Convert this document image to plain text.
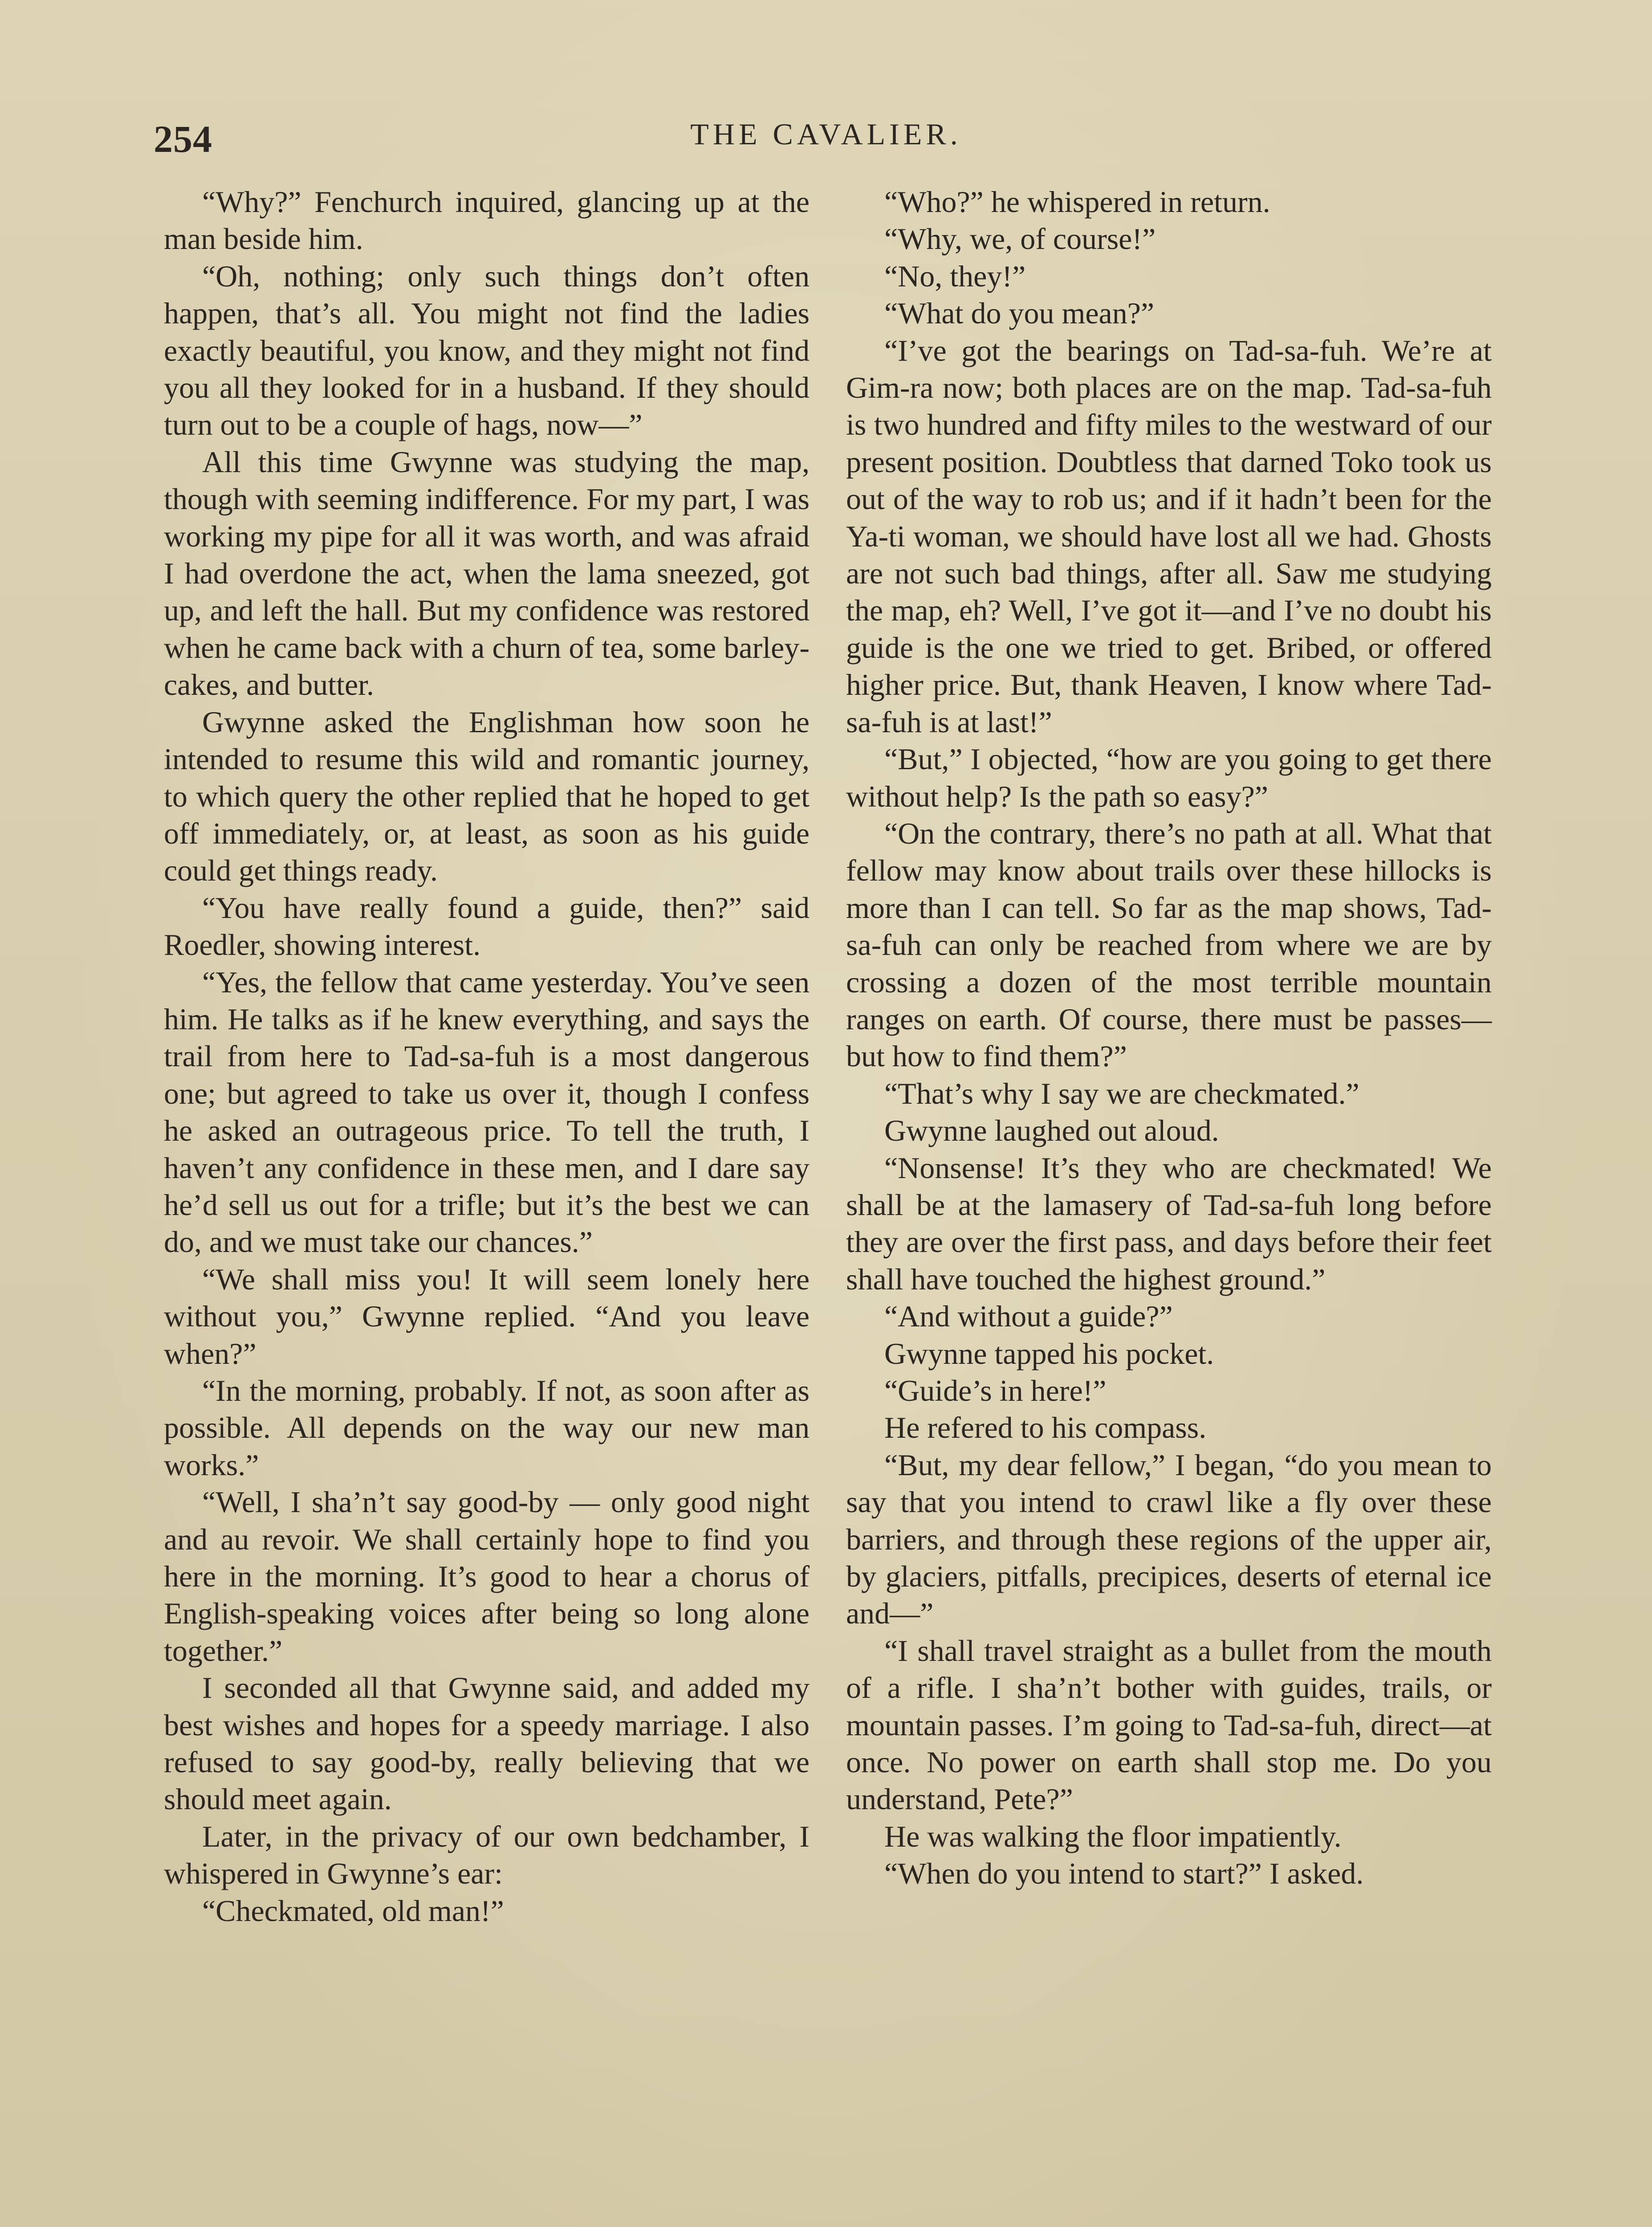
254	THE CAVALIER.

“Why?” Fenchurch inquired, glancing up at the man beside him.

“Oh, nothing; only such things don’t often happen, that’s all. You might not find the ladies exactly beautiful, you know, and they might not find you all they looked for in a husband. If they should turn out to be a couple of hags, now—”

All this time Gwynne was studying the map, though with seeming indifference. For my part, I was working my pipe for all it was worth, and was afraid I had overdone the act, when the lama sneezed, got up, and left the hall. But my confidence was restored when he came back with a churn of tea, some barley-cakes, and butter.

Gwynne asked the Englishman how soon he intended to resume this wild and romantic journey, to which query the other replied that he hoped to get off immediately, or, at least, as soon as his guide could get things ready.

“You have really found a guide, then?” said Roedler, showing interest.

“Yes, the fellow that came yesterday. You’ve seen him. He talks as if he knew everything, and says the trail from here to Tad-sa-fuh is a most dangerous one; but agreed to take us over it, though I confess he asked an outrageous price. To tell the truth, I haven’t any confidence in these men, and I dare say he’d sell us out for a trifle; but it’s the best we can do, and we must take our chances.”

“We shall miss you! It will seem lonely here without you,” Gwynne replied. “And you leave when?”

“In the morning, probably. If not, as soon after as possible. All depends on the way our new man works.”

“Well, I sha’n’t say good-by — only good night and au revoir. We shall certainly hope to find you here in the morning. It’s good to hear a chorus of English-speaking voices after being so long alone together.”

I seconded all that Gwynne said, and added my best wishes and hopes for a speedy marriage. I also refused to say good-by, really believing that we should meet again.

Later, in the privacy of our own bedchamber, I whispered in Gwynne’s ear:

“Checkmated, old man!”

“Who?” he whispered in return.

“Why, we, of course!”

“No, they!”

“What do you mean?”

“I’ve got the bearings on Tad-sa-fuh. We’re at Gim-ra now; both places are on the map. Tad-sa-fuh is two hundred and fifty miles to the westward of our present position. Doubtless that darned Toko took us out of the way to rob us; and if it hadn’t been for the Ya-ti woman, we should have lost all we had. Ghosts are not such bad things, after all. Saw me studying the map, eh? Well, I’ve got it—and I’ve no doubt his guide is the one we tried to get. Bribed, or offered higher price. But, thank Heaven, I know where Tad-sa-fuh is at last!”

“But,” I objected, “how are you going to get there without help? Is the path so easy?”

“On the contrary, there’s no path at all. What that fellow may know about trails over these hillocks is more than I can tell. So far as the map shows, Tad-sa-fuh can only be reached from where we are by crossing a dozen of the most terrible mountain ranges on earth. Of course, there must be passes—but how to find them?”

“That’s why I say we are checkmated.”

Gwynne laughed out aloud.

“Nonsense! It’s they who are checkmated! We shall be at the lamasery of Tad-sa-fuh long before they are over the first pass, and days before their feet shall have touched the highest ground.”

“And without a guide?”

Gwynne tapped his pocket.

“Guide’s in here!”

He refered to his compass.

“But, my dear fellow,” I began, “do you mean to say that you intend to crawl like a fly over these barriers, and through these regions of the upper air, by glaciers, pitfalls, precipices, deserts of eternal ice and—”

“I shall travel straight as a bullet from the mouth of a rifle. I sha’n’t bother with guides, trails, or mountain passes. I’m going to Tad-sa-fuh, direct—at once. No power on earth shall stop me. Do you understand, Pete?”

He was walking the floor impatiently.

“When do you intend to start?” I asked.
